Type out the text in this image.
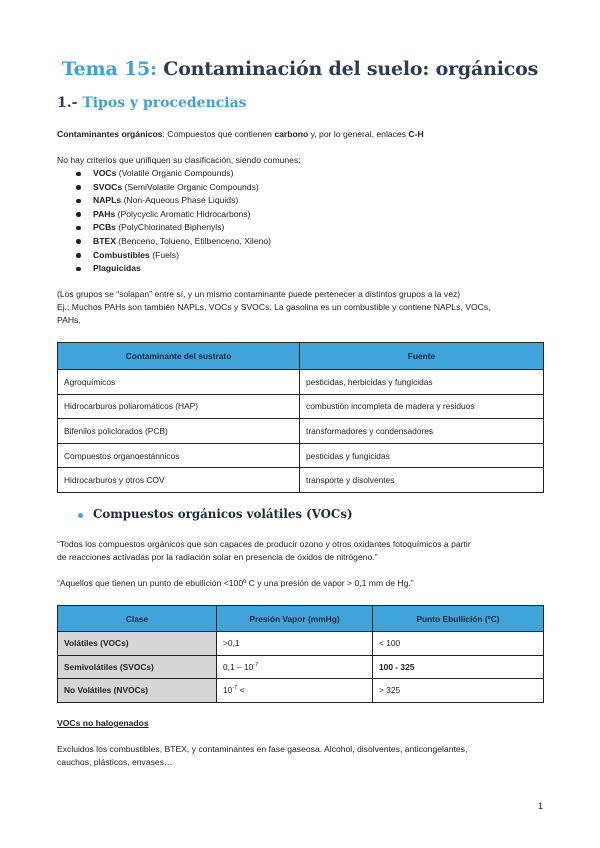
Tema 15: Contaminación del suelo: orgánicos
1.- Tipos y procedencias
Contaminantes orgánicos: Compuestos que contienen carbono y, por lo general, enlaces C-H
No hay criterios que unifiquen su clasificación, siendo comunes:
VOCs (Volatile Organic Compounds)
SVOCs (SemiVolatile Organic Compounds)
NAPLs (Non-Aqueous Phase Liquids)
PAHs (Polycyclic Aromatic Hidrocarbons)
PCBs (PolyChlorinated Biphenyls)
BTEX (Benceno, Tolueno, Etilbenceno, Xileno)
Combustibles (Fuels)
Plaguicidas
(Los grupos se “solapan” entre sí, y un mismo contaminante puede pertenecer a distintos grupos a la vez)
Ej.: Muchos PAHs son también NAPLs, VOCs y SVOCs. La gasolina es un combustible y contiene NAPLs, VOCs,
PAHs.
Contaminante del sustrato	Fuente
Agroquímicos	pesticidas, herbicidas y fungicidas
Hidrocarburos poliaromáticos (HAP)	combustión incompleta de madera y residuos
Bifenilos policlorados (PCB)	transformadores y condensadores
Compuestos organoestánnicos	pesticidas y fungicidas
Hidrocarburos y otros COV	transporte y disolventes
Compuestos orgánicos volátiles (VOCs)
“Todos los compuestos orgánicos que son capaces de producir ozono y otros oxidantes fotoquímicos a partir
de reacciones activadas por la radiación solar en presencia de óxidos de nitrógeno.”
“Aquellos que tienen un punto de ebullición <100º C y una presión de vapor > 0,1 mm de Hg.”
Clase	Presión Vapor (mmHg)	Punto Ebullición (ºC)
Volátiles (VOCs)	>0,1	< 100
Semivolátiles (SVOCs)	$0,1 - 10^{-7}$	100 - 325
No Volátiles (NVOCs)	$10^{-7}$ <	> 325
VOCs no halogenados
Excluidos los combustibles, BTEX, y contaminantes en fase gaseosa. Alcohol, disolventes, anticongelantes,
cauchos, plásticos, envases…
1
